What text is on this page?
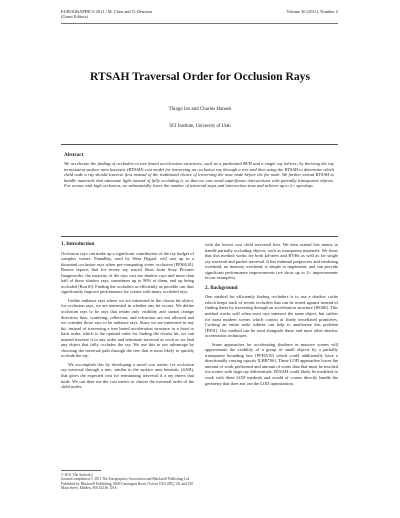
EUROGRAPHICS 2011 / M. Chen and O. Deussen
(Guest Editors)
Volume 30 (2011), Number 2
RTSAH Traversal Order for Occlusion Rays
Thiago Ize and Charles Hansen
SCI Institute, University of Utah
Abstract

We accelerate the finding of occluders in tree based acceleration structures, such as a packetized BVH and a single ray kd-tree, by deriving the ray termination surface area heuristic (RTSAH) cost model for traversing an occlusion ray through a tree and then using the RTSAH to determine which child node a ray should traverse first instead of the traditional choice of traversing the near node before the far node. We further extend RTSAH to handle materials that attenuate light instead of fully occluding it, so that we can avoid superfluous intersections with partially transparent objects. For scenes with high occlusion, we substantially lower the number of traversal steps and intersection tests and achieve up to 2× speedups.

1. Introduction

Occlusion rays can make up a significant contribution of the ray budget of complex scenes. PantaRay, used by Weta Digital, will cast up to a thousand occlusion rays when pre-computing scene occlusion [PFHA10]. Boulos reports that for recent ray traced films from Sony Pictures Imageworks, the majority of the rays cast are shadow rays and more than half of these shadow rays, sometimes up to 90% of them, end up being occluded [Bou10]. Finding the occluders as efficiently as possible can thus significantly improve performance for scenes with many occluded rays.

Unlike radiance rays where we are interested in the closest hit object, for occlusion rays, we are interested in whether any hit occurs. We define occlusion rays to be rays that return only visibility and cannot change direction; thus, scattering, reflection, and refraction are not allowed and we consider those rays to be radiance rays. Since we are interested in any hit, instead of traversing a tree based acceleration structure in a front to back order, which is the optimal order for finding the closest hit, we can instead traverse it in any order and terminate traversal as soon as we find any object that fully occludes the ray. We use this to our advantage by choosing the traversal path through the tree that is most likely to quickly occlude the ray.

We accomplish this by developing a novel cost metric for occlusion ray traversal through a tree, similar to the surface area heuristic (SAH), that gives the expected cost for terminating traversal if a ray enters that node. We can then use the cost metric to choose the traversal order of the child nodes,

with the lowest cost child traversed first. We then extend this metric to handle partially occluding objects, such as transparent materials. We show that this method works for both kd-trees and BVHs as well as for single ray traversal and packet traversal. It has minimal preprocess and rendering overhead, no memory overhead, is simple to implement, and can provide significant performance improvements (we show up to 2× improvements in our examples).

2. Background

One method for efficiently finding occluders is to use a shadow cache which keeps track of recent occluders that can be tested against instead of finding them by traversing through an acceleration structure [HG86]. This method works well when most rays intersect the same object, but suffers for most modern scenes which consist of finely tessellated primitives. Caching an entire node subtree can help to ameliorate this problem [FS91]. Our method can be used alongside these and most other shadow acceleration techniques.

Some approaches for accelerating shadows in massive scenes will approximate the visibility of a group of small objects by a partially transparent bounding box [PFHA10] which could additionally have a directionally varying opacity [LBB*06]. These LOD approaches lower the amount of work performed and amount of scene data that must be touched for scenes with large ray differentials. RTSAH could likely be modified to work with these LOD methods and would of course directly handle the geometry that does not use the LOD optimization.

© 2011 The Author(s)
Journal compilation © 2011 The Eurographics Association and Blackwell Publishing Ltd. Published by Blackwell Publishing, 9600 Garsington Road, Oxford OX4 2DQ, UK and 350 Main Street, Malden, MA 02148, USA.
